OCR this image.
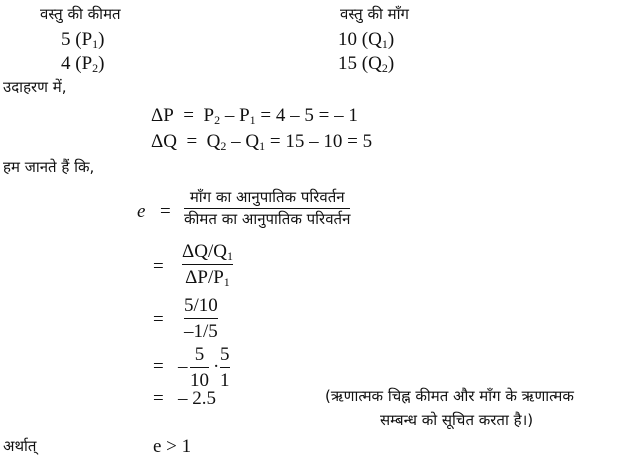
वस्तु की कीमत	वस्तु की माँग
5 $(P_1)$	10 $(Q_1)$
4 $(P_2)$	15 $(Q_2)$
उदाहरण में,
$\Delta P = P_2 - P_1 = 4 - 5$ = – 1
$\Delta Q = Q_2 - Q_1 = 15 - 10 = 5$
हम जानते हैं कि,
e =
माँग का आनुपातिक परिवर्तन
कीमत का आनुपातिक परिवर्तन
=
$\Delta Q/Q_1$
$\Delta P/P_1$
=
5/10
–1/5
= –
5
10
·
5
1
= – 2.5	(ऋणात्मक चिह्न कीमत और माँग के ऋणात्मक
सम्बन्ध को सूचित करता है।)
अर्थात्	e > 1
